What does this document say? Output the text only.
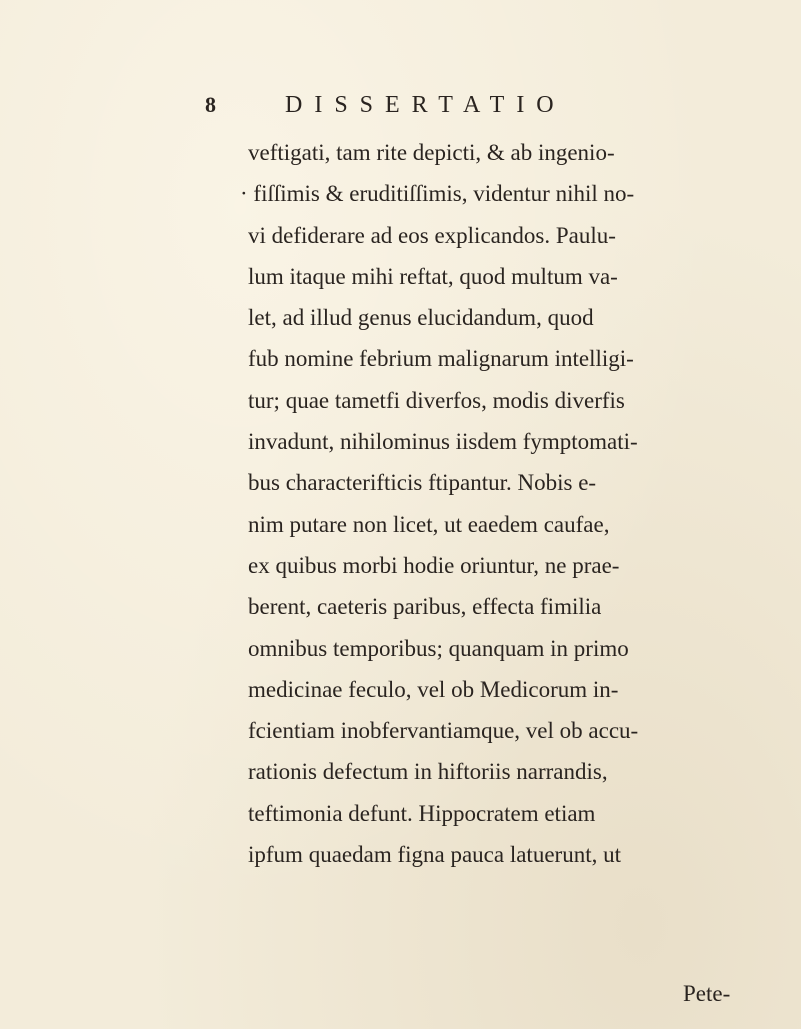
8	DISSERTATIO
veftigati, tam rite depicti, & ab ingenio-
· fiſſimis & eruditiſſimis, videntur nihil no-
vi defiderare ad eos explicandos. Paulu-
lum itaque mihi reftat, quod multum va-
let, ad illud genus elucidandum, quod
fub nomine febrium malignarum intelligi-
tur; quae tametfi diverfos, modis diverfis
invadunt, nihilominus iisdem fymptomati-
bus characterifticis ftipantur. Nobis e-
nim putare non licet, ut eaedem caufae,
ex quibus morbi hodie oriuntur, ne prae-
berent, caeteris paribus, effecta fimilia
omnibus temporibus; quanquam in primo
medicinae feculo, vel ob Medicorum in-
fcientiam inobfervantiamque, vel ob accu-
rationis defectum in hiftoriis narrandis,
teftimonia defunt. Hippocratem etiam
ipfum quaedam figna pauca latuerunt, ut
Pete-
